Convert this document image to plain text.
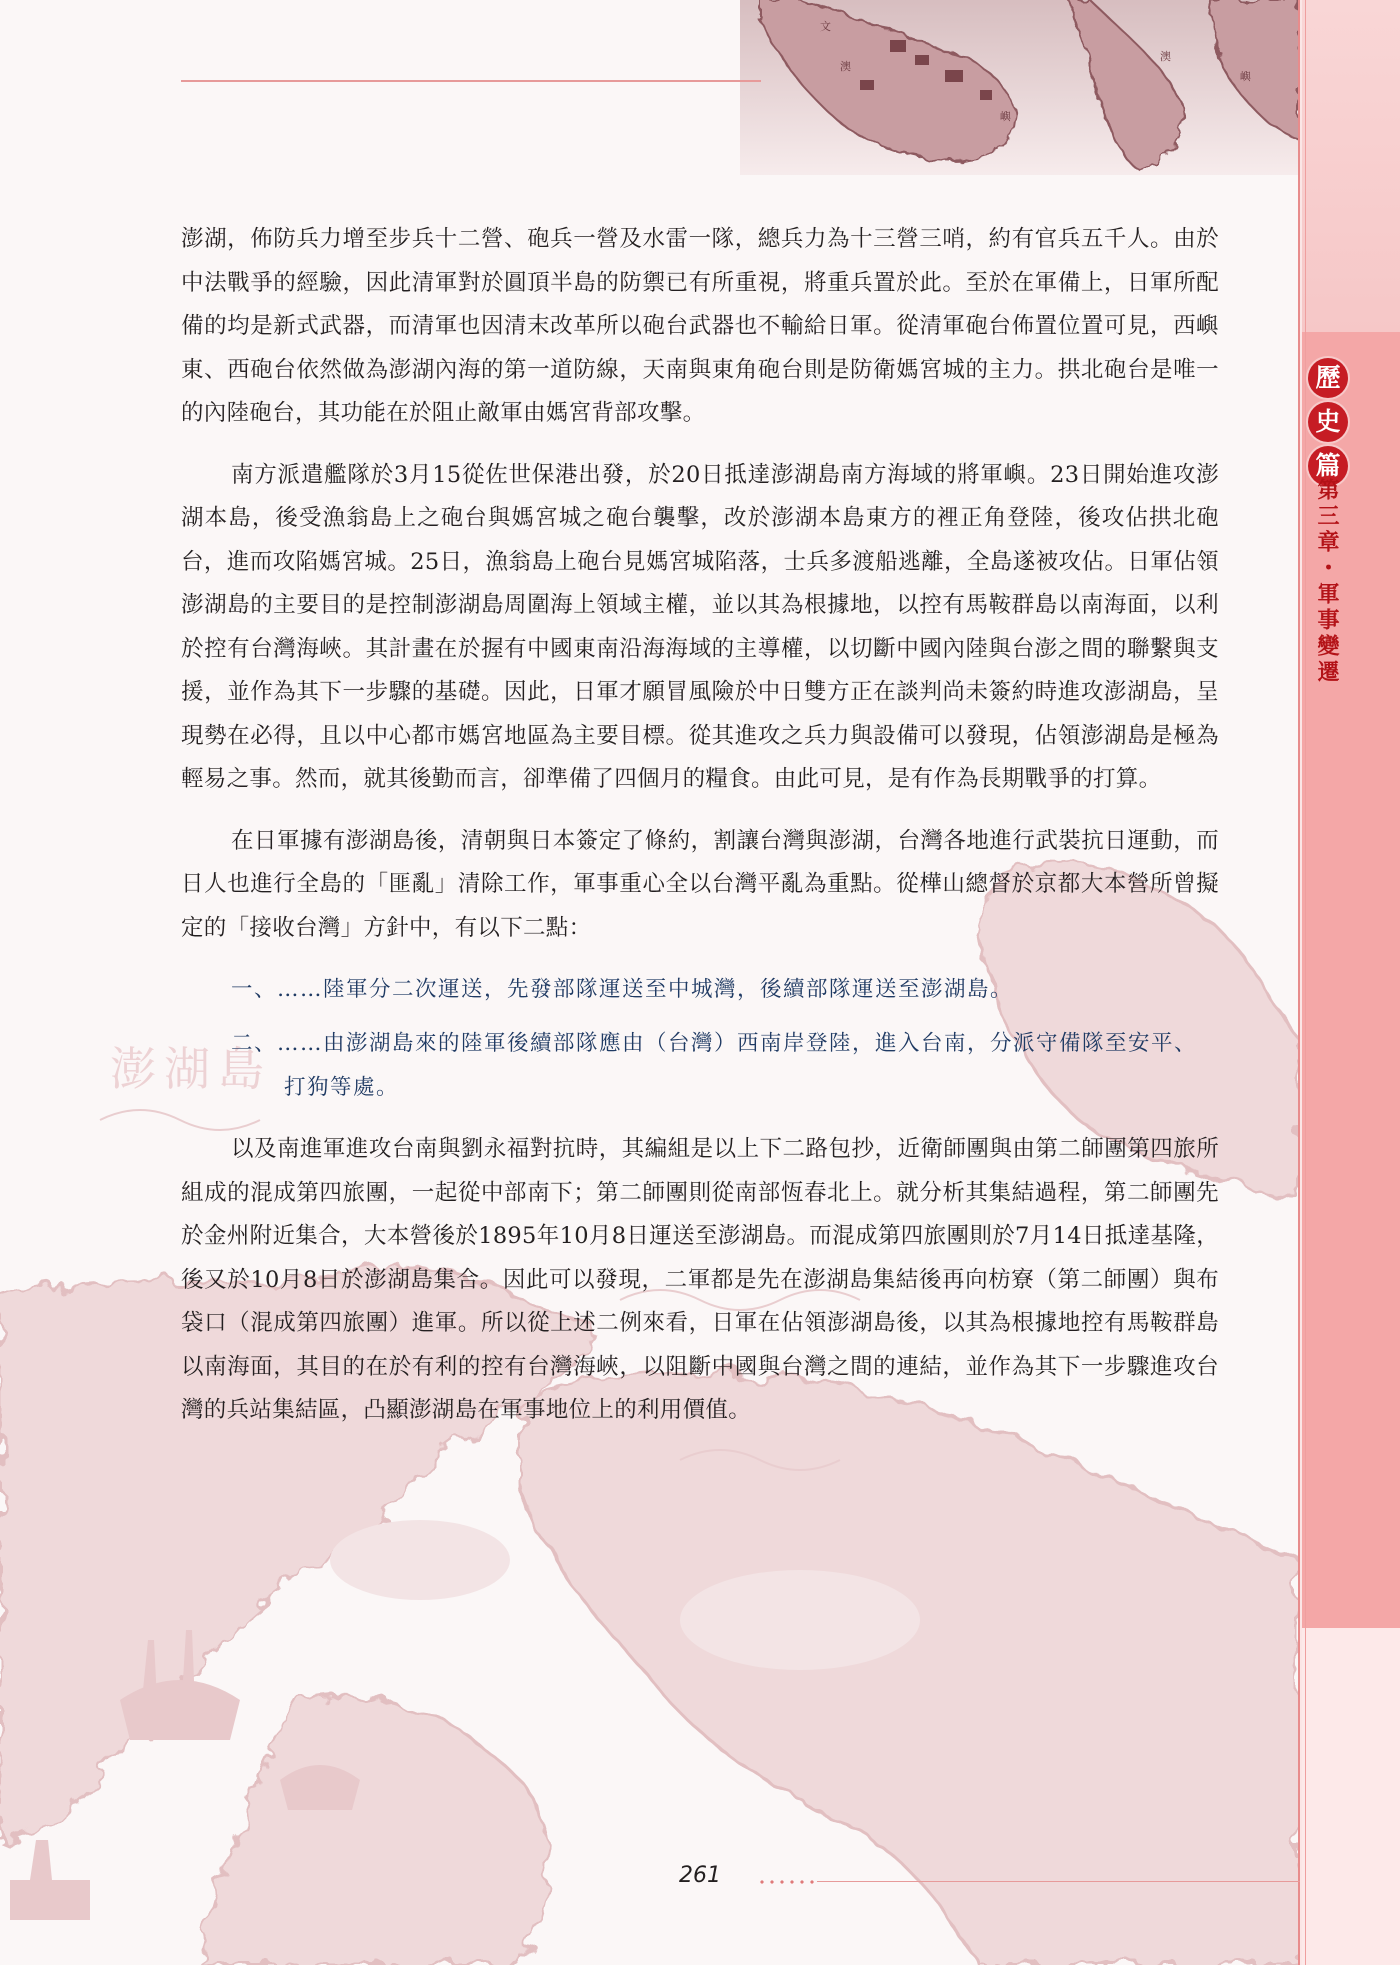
澎湖島
文
澳
嶼
澳
嶼
歷
史
篇
第三章・軍事變遷

澎湖，佈防兵力增至步兵十二營、砲兵一營及水雷一隊，總兵力為十三營三哨，約有官兵五千人。由於中法戰爭的經驗，因此清軍對於圓頂半島的防禦已有所重視，將重兵置於此。至於在軍備上，日軍所配備的均是新式武器，而清軍也因清末改革所以砲台武器也不輸給日軍。從清軍砲台佈置位置可見，西嶼東、西砲台依然做為澎湖內海的第一道防線，天南與東角砲台則是防衛媽宮城的主力。拱北砲台是唯一的內陸砲台，其功能在於阻止敵軍由媽宮背部攻擊。

南方派遣艦隊於3月15從佐世保港出發，於20日抵達澎湖島南方海域的將軍嶼。23日開始進攻澎湖本島，後受漁翁島上之砲台與媽宮城之砲台襲擊，改於澎湖本島東方的裡正角登陸，後攻佔拱北砲台，進而攻陷媽宮城。25日，漁翁島上砲台見媽宮城陷落，士兵多渡船逃離，全島遂被攻佔。日軍佔領澎湖島的主要目的是控制澎湖島周圍海上領域主權，並以其為根據地，以控有馬鞍群島以南海面，以利於控有台灣海峽。其計畫在於握有中國東南沿海海域的主導權，以切斷中國內陸與台澎之間的聯繫與支援，並作為其下一步驟的基礎。因此，日軍才願冒風險於中日雙方正在談判尚未簽約時進攻澎湖島，呈現勢在必得，且以中心都市媽宮地區為主要目標。從其進攻之兵力與設備可以發現，佔領澎湖島是極為輕易之事。然而，就其後勤而言，卻準備了四個月的糧食。由此可見，是有作為長期戰爭的打算。

在日軍據有澎湖島後，清朝與日本簽定了條約，割讓台灣與澎湖，台灣各地進行武裝抗日運動，而日人也進行全島的「匪亂」清除工作，軍事重心全以台灣平亂為重點。從樺山總督於京都大本營所曾擬定的「接收台灣」方針中，有以下二點：

一、……陸軍分二次運送，先發部隊運送至中城灣，後續部隊運送至澎湖島。
二、……由澎湖島來的陸軍後續部隊應由（台灣）西南岸登陸，進入台南，分派守備隊至安平、打狗等處。

以及南進軍進攻台南與劉永福對抗時，其編組是以上下二路包抄，近衛師團與由第二師團第四旅所組成的混成第四旅團，一起從中部南下；第二師團則從南部恆春北上。就分析其集結過程，第二師團先於金州附近集合，大本營後於1895年10月8日運送至澎湖島。而混成第四旅團則於7月14日抵達基隆，後又於10月8日於澎湖島集合。因此可以發現，二軍都是先在澎湖島集結後再向枋寮（第二師團）與布袋口（混成第四旅團）進軍。所以從上述二例來看，日軍在佔領澎湖島後，以其為根據地控有馬鞍群島以南海面，其目的在於有利的控有台灣海峽，以阻斷中國與台灣之間的連結，並作為其下一步驟進攻台灣的兵站集結區，凸顯澎湖島在軍事地位上的利用價值。

261
